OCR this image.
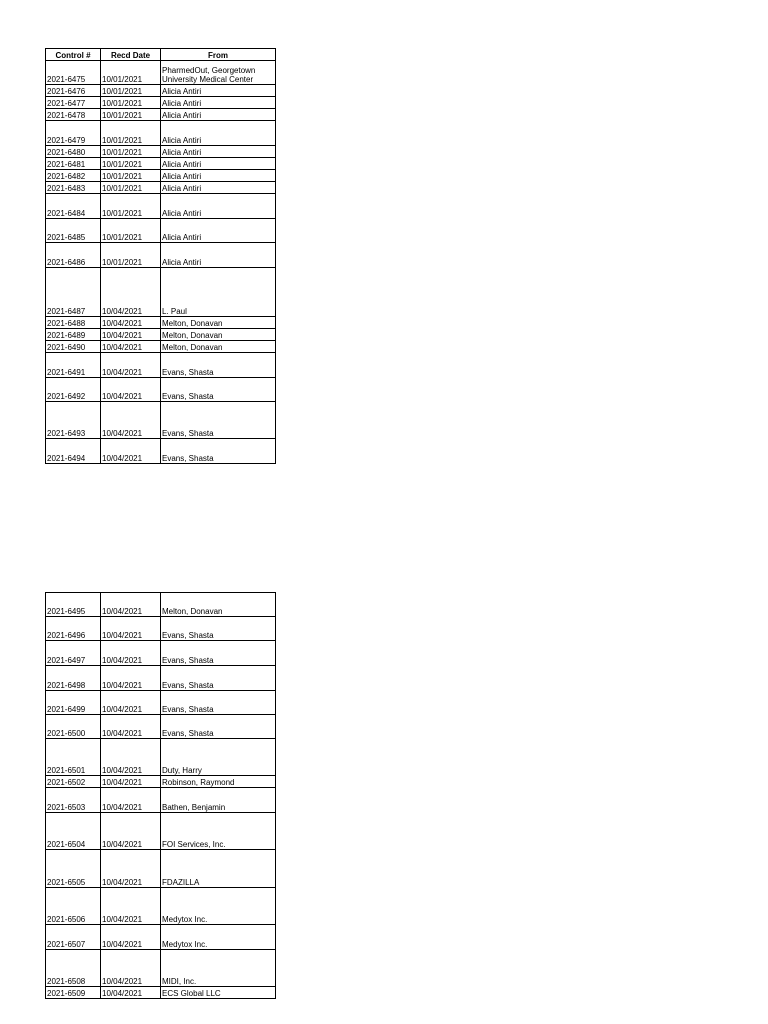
Control #	Recd Date	From
2021-6475	10/01/2021	PharmedOut, Georgetown University Medical Center
2021-6476	10/01/2021	Alicia Antiri
2021-6477	10/01/2021	Alicia Antiri
2021-6478	10/01/2021	Alicia Antiri
2021-6479	10/01/2021	Alicia Antiri
2021-6480	10/01/2021	Alicia Antiri
2021-6481	10/01/2021	Alicia Antiri
2021-6482	10/01/2021	Alicia Antiri
2021-6483	10/01/2021	Alicia Antiri
2021-6484	10/01/2021	Alicia Antiri
2021-6485	10/01/2021	Alicia Antiri
2021-6486	10/01/2021	Alicia Antiri
2021-6487	10/04/2021	L. Paul
2021-6488	10/04/2021	Melton, Donavan
2021-6489	10/04/2021	Melton, Donavan
2021-6490	10/04/2021	Melton, Donavan
2021-6491	10/04/2021	Evans, Shasta
2021-6492	10/04/2021	Evans, Shasta
2021-6493	10/04/2021	Evans, Shasta
2021-6494	10/04/2021	Evans, Shasta
2021-6495	10/04/2021	Melton, Donavan
2021-6496	10/04/2021	Evans, Shasta
2021-6497	10/04/2021	Evans, Shasta
2021-6498	10/04/2021	Evans, Shasta
2021-6499	10/04/2021	Evans, Shasta
2021-6500	10/04/2021	Evans, Shasta
2021-6501	10/04/2021	Duty, Harry
2021-6502	10/04/2021	Robinson, Raymond
2021-6503	10/04/2021	Bathen, Benjamin
2021-6504	10/04/2021	FOI Services, Inc.
2021-6505	10/04/2021	FDAZILLA
2021-6506	10/04/2021	Medytox Inc.
2021-6507	10/04/2021	Medytox Inc.
2021-6508	10/04/2021	MIDI, Inc.
2021-6509	10/04/2021	ECS Global LLC
